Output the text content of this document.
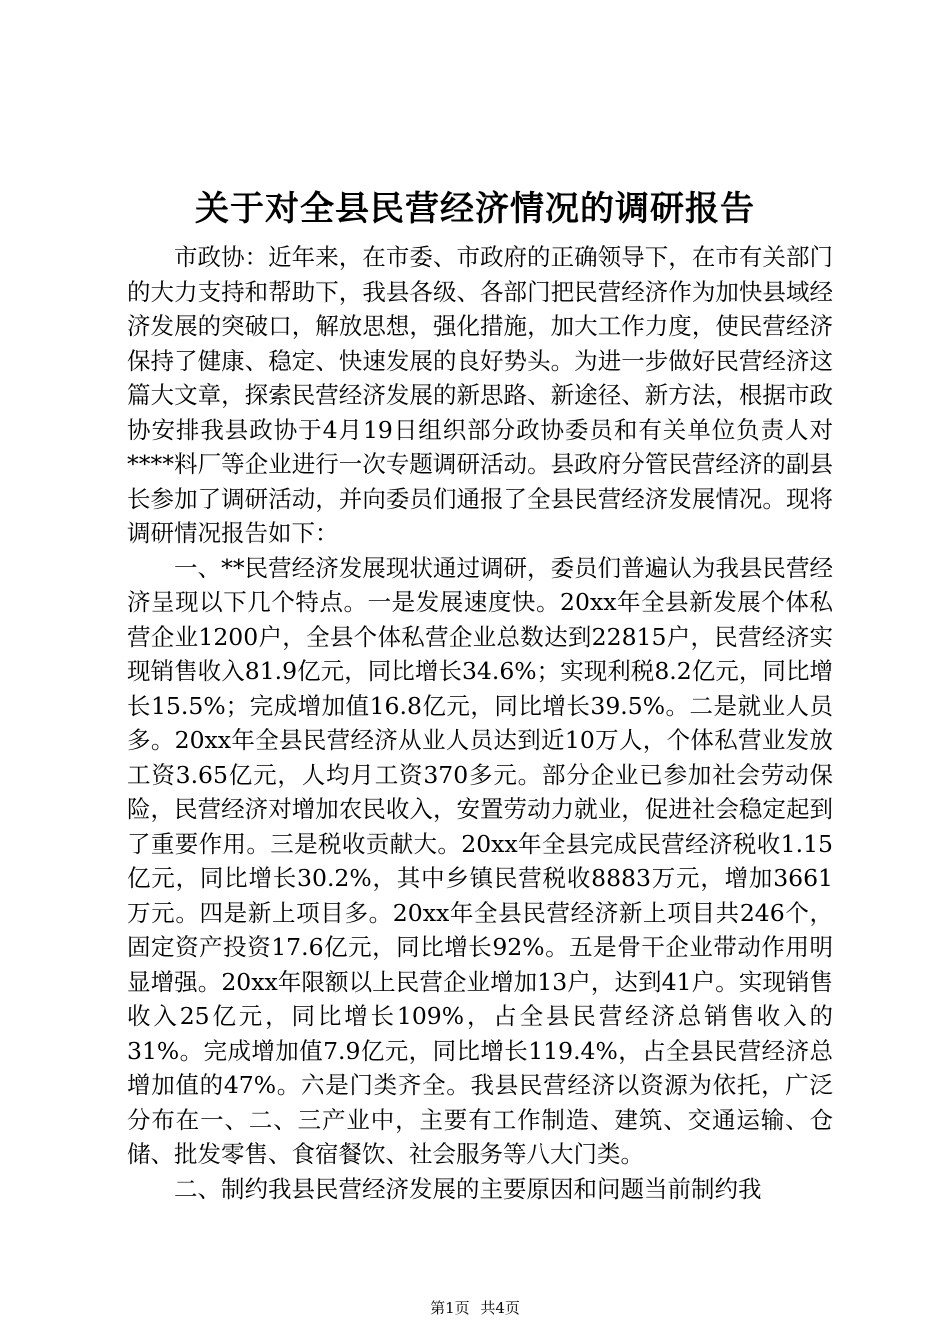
关于对全县民营经济情况的调研报告

市政协：近年来，在市委、市政府的正确领导下，在市有关部门的大力支持和帮助下，我县各级、各部门把民营经济作为加快县域经济发展的突破口，解放思想，强化措施，加大工作力度，使民营经济保持了健康、稳定、快速发展的良好势头。为进一步做好民营经济这篇大文章，探索民营经济发展的新思路、新途径、新方法，根据市政协安排我县政协于4月19日组织部分政协委员和有关单位负责人对****料厂等企业进行一次专题调研活动。县政府分管民营经济的副县长参加了调研活动，并向委员们通报了全县民营经济发展情况。现将调研情况报告如下：

一、**民营经济发展现状通过调研，委员们普遍认为我县民营经济呈现以下几个特点。一是发展速度快。20xx年全县新发展个体私营企业1200户，全县个体私营企业总数达到22815户，民营经济实现销售收入81.9亿元，同比增长34.6%；实现利税8.2亿元，同比增长15.5%；完成增加值16.8亿元，同比增长39.5%。二是就业人员多。20xx年全县民营经济从业人员达到近10万人，个体私营业发放工资3.65亿元，人均月工资370多元。部分企业已参加社会劳动保险，民营经济对增加农民收入，安置劳动力就业，促进社会稳定起到了重要作用。三是税收贡献大。20xx年全县完成民营经济税收1.15亿元，同比增长30.2%，其中乡镇民营税收8883万元，增加3661万元。四是新上项目多。20xx年全县民营经济新上项目共246个，固定资产投资17.6亿元，同比增长92%。五是骨干企业带动作用明显增强。20xx年限额以上民营企业增加13户，达到41户。实现销售收入25亿元，同比增长109%，占全县民营经济总销售收入的31%。完成增加值7.9亿元，同比增长119.4%，占全县民营经济总增加值的47%。六是门类齐全。我县民营经济以资源为依托，广泛分布在一、二、三产业中，主要有工作制造、建筑、交通运输、仓储、批发零售、食宿餐饮、社会服务等八大门类。

二、制约我县民营经济发展的主要原因和问题当前制约我

第1页 共4页
